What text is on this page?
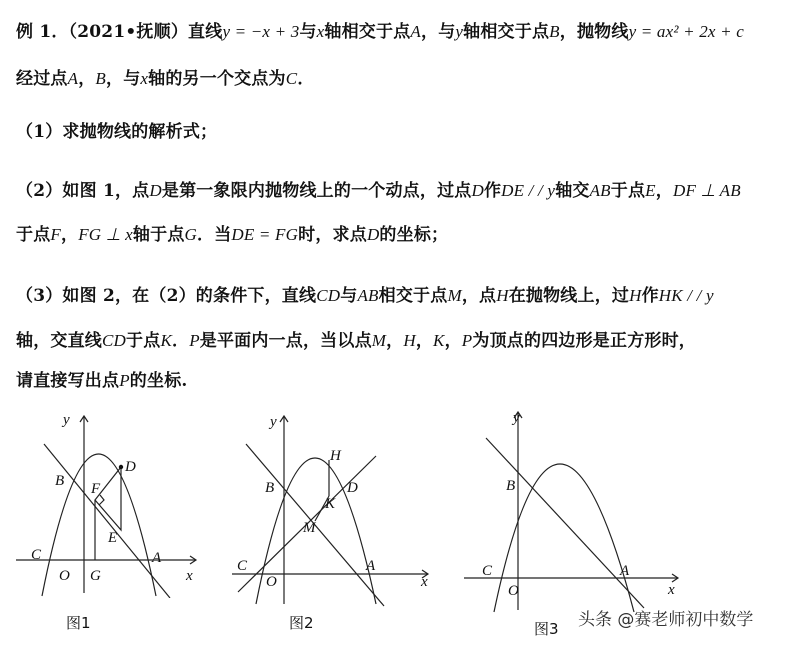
例 1．（2021•抚顺）直线y = −x + 3与x轴相交于点A，与y轴相交于点B，抛物线y = ax² + 2x + c
经过点A，B，与x轴的另一个交点为C．
（1）求抛物线的解析式；
（2）如图 1，点D是第一象限内抛物线上的一个动点，过点D作DE / / y轴交AB于点E，DF ⊥ AB
于点F，FG ⊥ x轴于点G．当DE = FG时，求点D的坐标；
（3）如图 2，在（2）的条件下，直线CD与AB相交于点M，点H在抛物线上，过H作HK / / y
轴，交直线CD于点K．P是平面内一点，当以点M，H，K，P为顶点的四边形是正方形时，
请直接写出点P的坐标.
y
x
O
A
B
C
D
E
F
G
图1
y
x
O
A
B
C
D
H
K
M
图2
y
x
O
A
B
C
图3 头条 @赛老师初中数学
